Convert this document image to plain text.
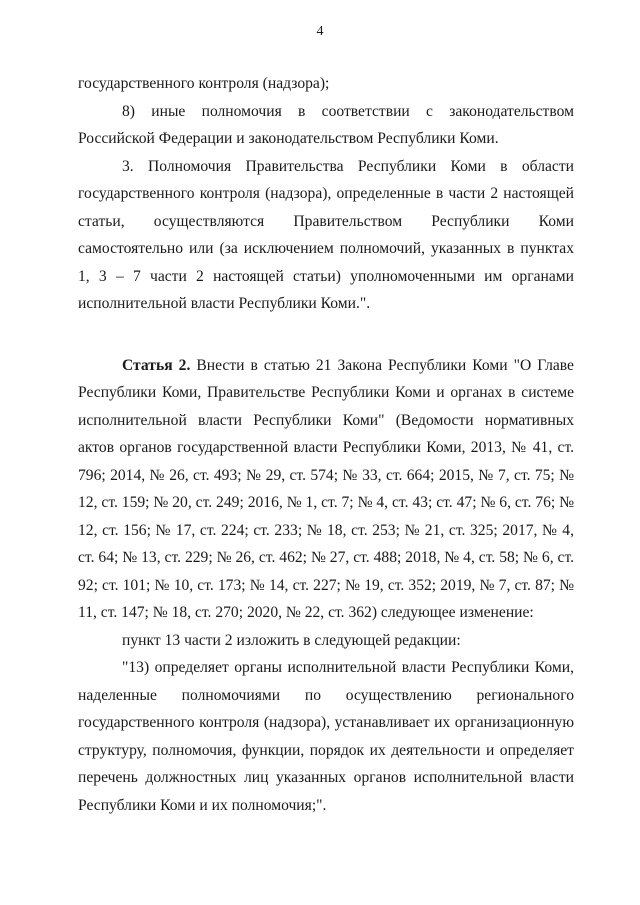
4

государственного контроля (надзора);

8) иные полномочия в соответствии с законодательством Российской Федерации и законодательством Республики Коми.

3. Полномочия Правительства Республики Коми в области государственного контроля (надзора), определенные в части 2 настоящей статьи, осуществляются Правительством Республики Коми самостоятельно или (за исключением полномочий, указанных в пунктах 1, 3 – 7 части 2 настоящей статьи) уполномоченными им органами исполнительной власти Республики Коми.".

Статья 2. Внести в статью 21 Закона Республики Коми "О Главе Республики Коми, Правительстве Республики Коми и органах в системе исполнительной власти Республики Коми" (Ведомости нормативных актов органов государственной власти Республики Коми, 2013, № 41, ст. 796; 2014, № 26, ст. 493; № 29, ст. 574; № 33, ст. 664; 2015, № 7, ст. 75; № 12, ст. 159; № 20, ст. 249; 2016, № 1, ст. 7; № 4, ст. 43; ст. 47; № 6, ст. 76; № 12, ст. 156; № 17, ст. 224; ст. 233; № 18, ст. 253; № 21, ст. 325; 2017, № 4, ст. 64; № 13, ст. 229; № 26, ст. 462; № 27, ст. 488; 2018, № 4, ст. 58; № 6, ст. 92; ст. 101; № 10, ст. 173; № 14, ст. 227; № 19, ст. 352; 2019, № 7, ст. 87; № 11, ст. 147; № 18, ст. 270; 2020, № 22, ст. 362) следующее изменение:

пункт 13 части 2 изложить в следующей редакции:

"13) определяет органы исполнительной власти Республики Коми, наделенные полномочиями по осуществлению регионального государственного контроля (надзора), устанавливает их организационную структуру, полномочия, функции, порядок их деятельности и определяет перечень должностных лиц указанных органов исполнительной власти Республики Коми и их полномочия;".
